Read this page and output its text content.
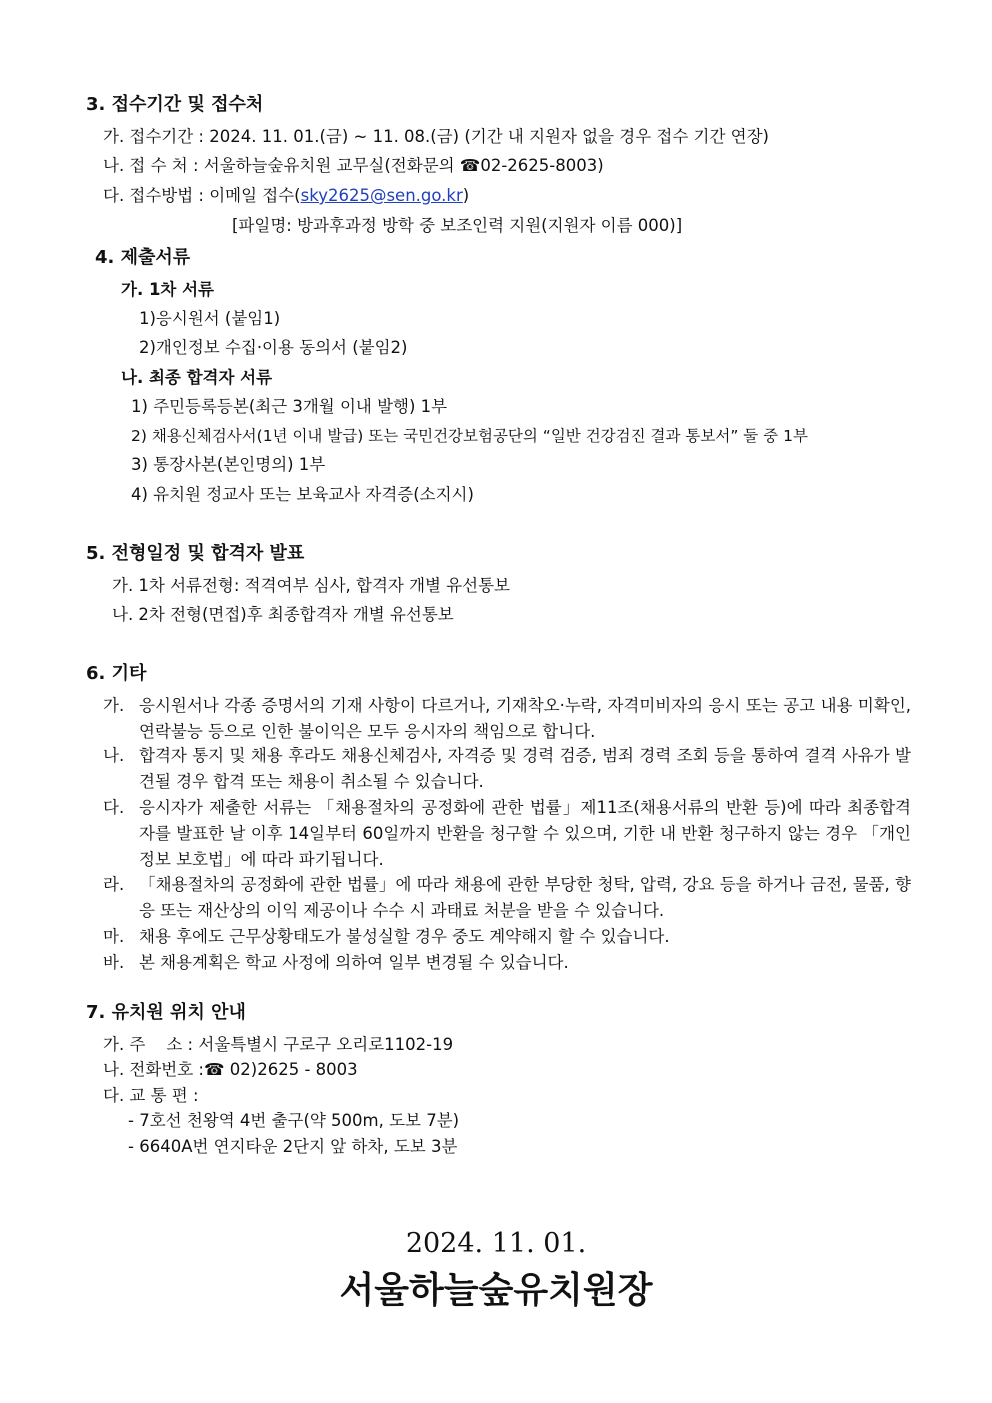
3. 접수기간 및 접수처
가. 접수기간 : 2024. 11. 01.(금) ~ 11. 08.(금) (기간 내 지원자 없을 경우 접수 기간 연장)
나. 접 수 처 : 서울하늘숲유치원 교무실(전화문의 ☎02-2625-8003)
다. 접수방법 : 이메일 접수(sky2625@sen.go.kr)
[파일명: 방과후과정 방학 중 보조인력 지원(지원자 이름 000)]
4. 제출서류
가. 1차 서류
1)응시원서 (붙임1)
2)개인정보 수집·이용 동의서 (붙임2)
나. 최종 합격자 서류
1) 주민등록등본(최근 3개월 이내 발행) 1부
2) 채용신체검사서(1년 이내 발급) 또는 국민건강보험공단의 “일반 건강검진 결과 통보서” 둘 중 1부
3) 통장사본(본인명의) 1부
4) 유치원 정교사 또는 보육교사 자격증(소지시)
5. 전형일정 및 합격자 발표
가. 1차 서류전형: 적격여부 심사, 합격자 개별 유선통보
나. 2차 전형(면접)후 최종합격자 개별 유선통보
6. 기타
가. 응시원서나 각종 증명서의 기재 사항이 다르거나, 기재착오·누락, 자격미비자의 응시 또는 공고 내용 미확인, 연락불능 등으로 인한 불이익은 모두 응시자의 책임으로 합니다.
나. 합격자 통지 및 채용 후라도 채용신체검사, 자격증 및 경력 검증, 범죄 경력 조회 등을 통하여 결격 사유가 발견될 경우 합격 또는 채용이 취소될 수 있습니다.
다. 응시자가 제출한 서류는 「채용절차의 공정화에 관한 법률」제11조(채용서류의 반환 등)에 따라 최종합격자를 발표한 날 이후 14일부터 60일까지 반환을 청구할 수 있으며, 기한 내 반환 청구하지 않는 경우 「개인정보 보호법」에 따라 파기됩니다.
라. 「채용절차의 공정화에 관한 법률」에 따라 채용에 관한 부당한 청탁, 압력, 강요 등을 하거나 금전, 물품, 향응 또는 재산상의 이익 제공이나 수수 시 과태료 처분을 받을 수 있습니다.
마. 채용 후에도 근무상황태도가 불성실할 경우 중도 계약해지 할 수 있습니다.
바. 본 채용계획은 학교 사정에 의하여 일부 변경될 수 있습니다.
7. 유치원 위치 안내
가. 주    소 : 서울특별시 구로구 오리로1102-19
나. 전화번호 :☎ 02)2625 - 8003
다. 교 통 편 :
- 7호선 천왕역 4번 출구(약 500m, 도보 7분)
- 6640A번 연지타운 2단지 앞 하차, 도보 3분
2024. 11. 01.
서울하늘숲유치원장
